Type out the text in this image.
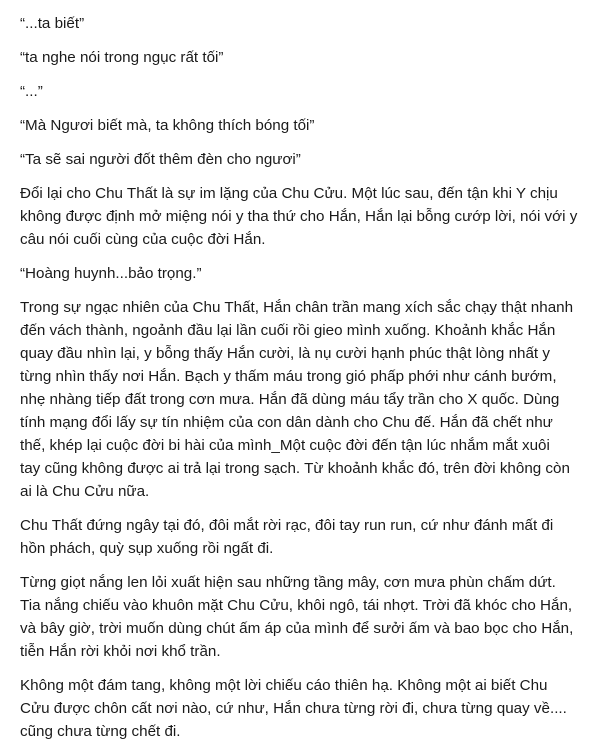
“...ta biết”

“ta nghe nói trong ngục rất tối”

“...”

“Mà Ngươi biết mà, ta không thích bóng tối”

“Ta sẽ sai người đốt thêm đèn cho ngươi”

Đổi lại cho Chu Thất là sự im lặng của Chu Cửu. Một lúc sau, đến tận khi Y chịu
không được định mở miệng nói y tha thứ cho Hắn, Hắn lại bỗng cướp lời, nói với y
câu nói cuối cùng của cuộc đời Hắn.

“Hoàng huynh...bảo trọng.”

Trong sự ngạc nhiên của Chu Thất, Hắn chân trần mang xích sắc chạy thật nhanh
đến vách thành, ngoảnh đầu lại lần cuối rồi gieo mình xuống. Khoảnh khắc Hắn
quay đầu nhìn lại, y bỗng thấy Hắn cười, là nụ cười hạnh phúc thật lòng nhất y
từng nhìn thấy nơi Hắn. Bạch y thấm máu trong gió phấp phới như cánh bướm,
nhẹ nhàng tiếp đất trong cơn mưa. Hắn đã dùng máu tẩy trần cho X quốc. Dùng
tính mạng đổi lấy sự tín nhiệm của con dân dành cho Chu đế. Hắn đã chết như
thế, khép lại cuộc đời bi hài của mình_Một cuộc đời đến tận lúc nhắm mắt xuôi
tay cũng không được ai trả lại trong sạch. Từ khoảnh khắc đó, trên đời không còn
ai là Chu Cửu nữa.

Chu Thất đứng ngây tại đó, đôi mắt rời rạc, đôi tay run run, cứ như đánh mất đi
hồn phách, quỳ sụp xuống rồi ngất đi.

Từng giọt nắng len lỏi xuất hiện sau những tầng mây, cơn mưa phùn chấm dứt.
Tia nắng chiếu vào khuôn mặt Chu Cửu, khôi ngô, tái nhợt. Trời đã khóc cho Hắn,
và bây giờ, trời muốn dùng chút ấm áp của mình để sưởi ấm và bao bọc cho Hắn,
tiễn Hắn rời khỏi nơi khổ trần.

Không một đám tang, không một lời chiếu cáo thiên hạ. Không một ai biết Chu
Cửu được chôn cất nơi nào, cứ như, Hắn chưa từng rời đi, chưa từng quay về....
cũng chưa từng chết đi.
